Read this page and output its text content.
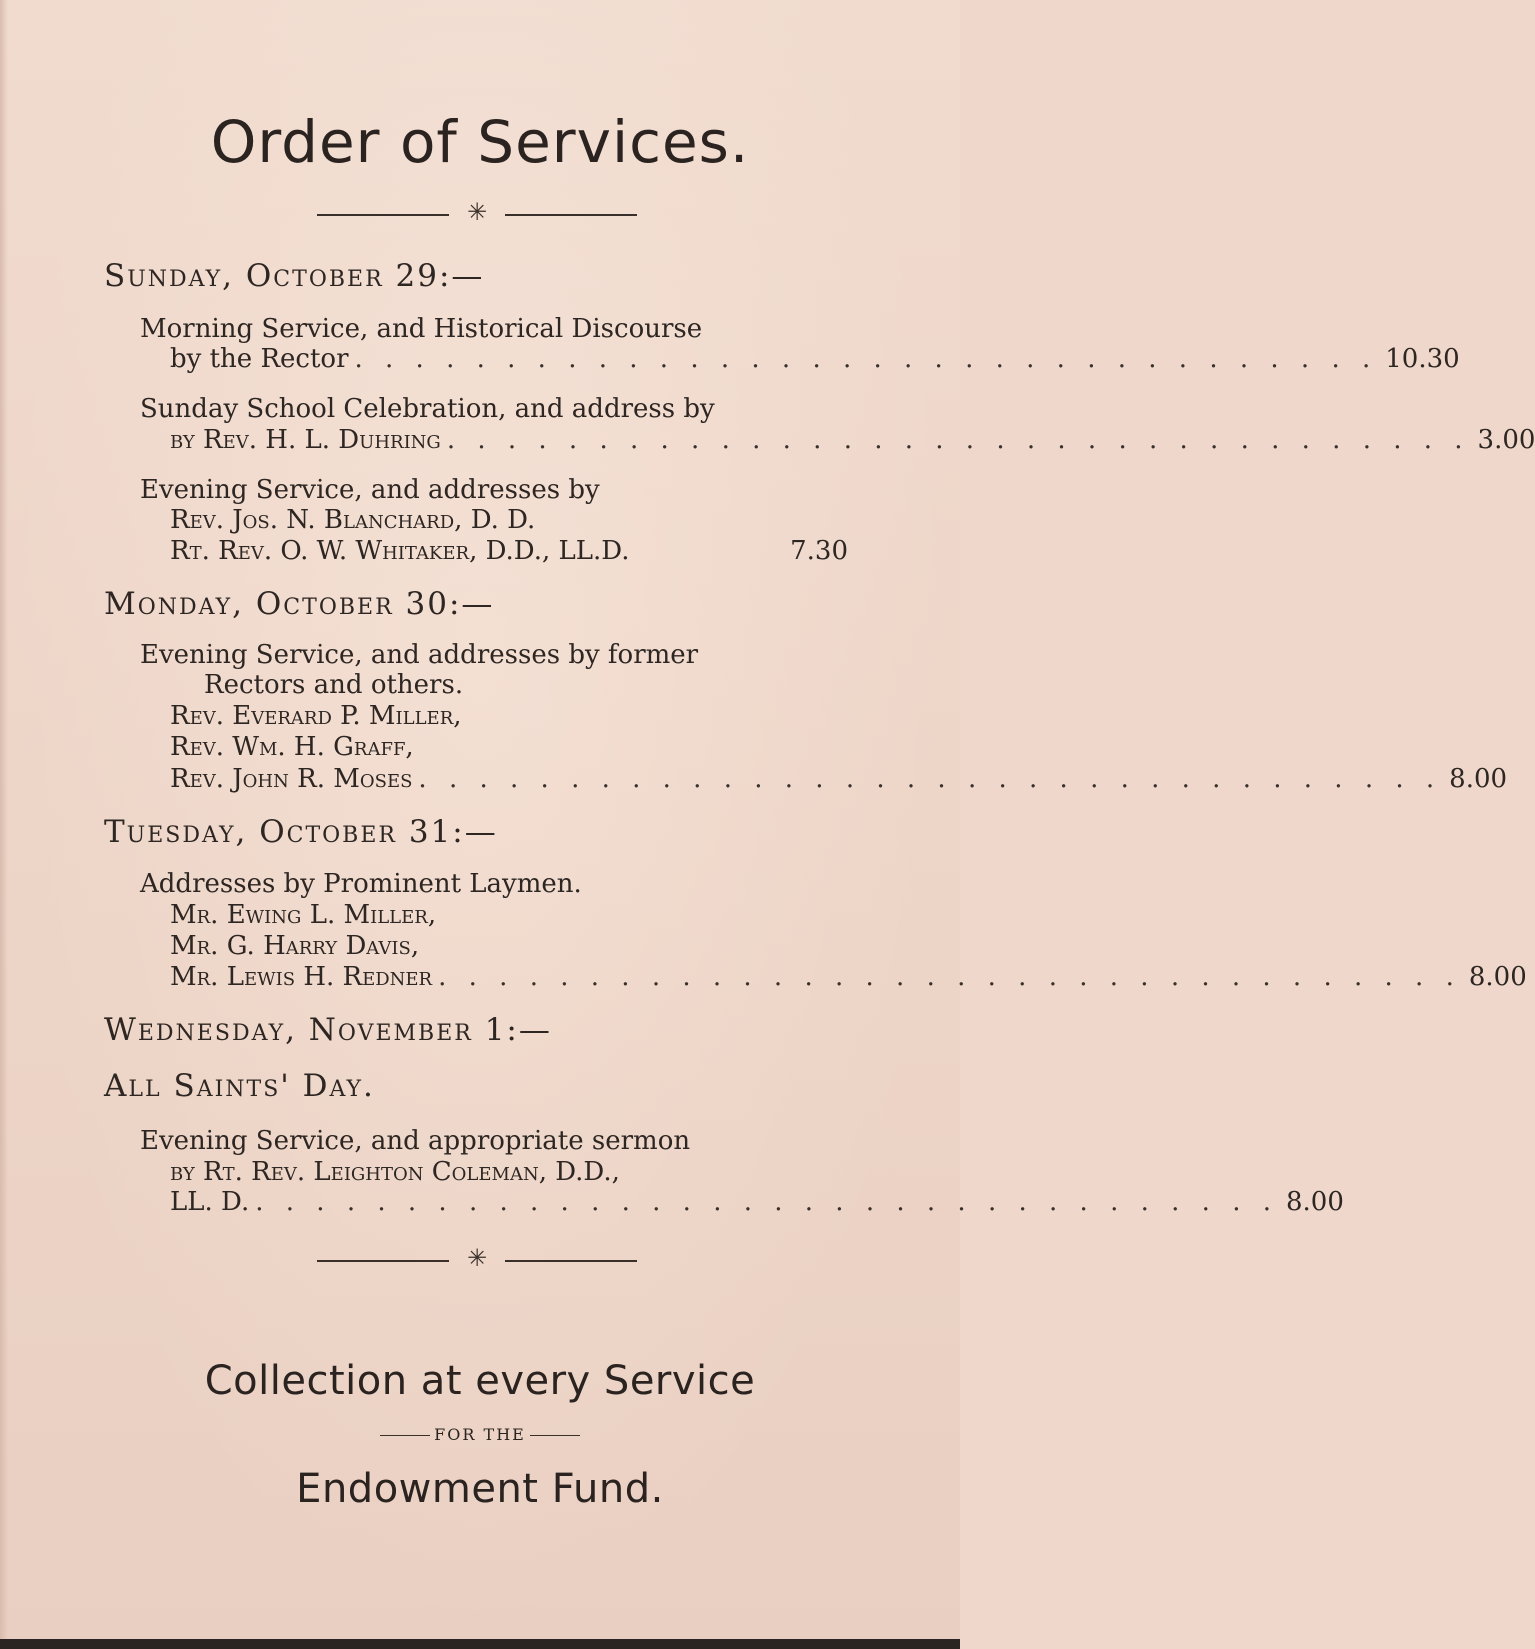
Order of Services.
✳
Sunday, October 29:—
Morning Service, and Historical Discourse
by the Rector . . . . . . . . . . . . . . . . . . . . . . . . . . . . . . . . . . 10.30
Sunday School Celebration, and address by
by Rev. H. L. Duhring . . . . . . . . . . . . . . . . . . . . . . . . . . . . . . . . . . 3.00
Evening Service, and addresses by
Rev. Jos. N. Blanchard, D. D.
Rt. Rev. O. W. Whitaker, D.D., LL.D.	7.30
Monday, October 30:—
Evening Service, and addresses by former
Rectors and others.
Rev. Everard P. Miller,
Rev. Wm. H. Graff,
Rev. John R. Moses . . . . . . . . . . . . . . . . . . . . . . . . . . . . . . . . . . 8.00
Tuesday, October 31:—
Addresses by Prominent Laymen.
Mr. Ewing L. Miller,
Mr. G. Harry Davis,
Mr. Lewis H. Redner . . . . . . . . . . . . . . . . . . . . . . . . . . . . . . . . . . 8.00
Wednesday, November 1:—
All Saints' Day.
Evening Service, and appropriate sermon
by Rt. Rev. Leighton Coleman, D.D.,
LL. D. . . . . . . . . . . . . . . . . . . . . . . . . . . . . . . . . . . 8.00
✳
Collection at every Service
FOR THE
Endowment Fund.
